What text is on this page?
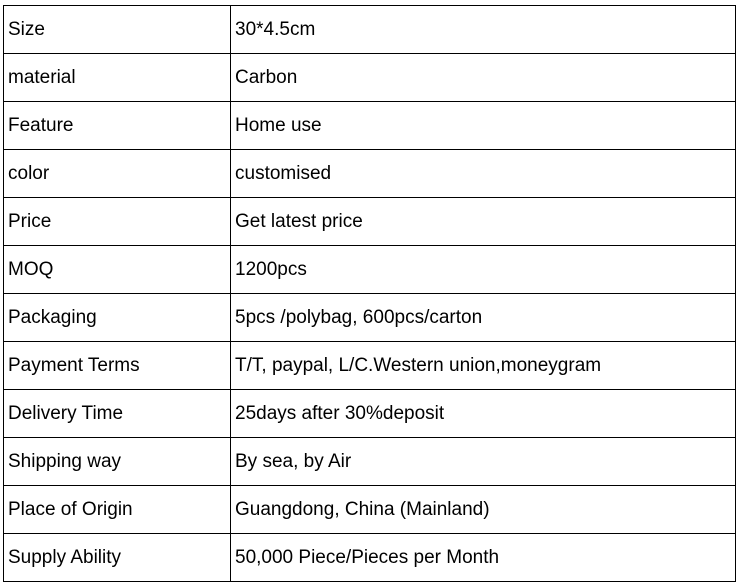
Size	30*4.5cm
material	Carbon
Feature	Home use
color	customised
Price	Get latest price
MOQ	1200pcs
Packaging	5pcs /polybag, 600pcs/carton
Payment Terms	T/T, paypal, L/C.Western union,moneygram
Delivery Time	25days after 30%deposit
Shipping way	By sea, by Air
Place of Origin	Guangdong, China (Mainland)
Supply Ability	50,000 Piece/Pieces per Month
